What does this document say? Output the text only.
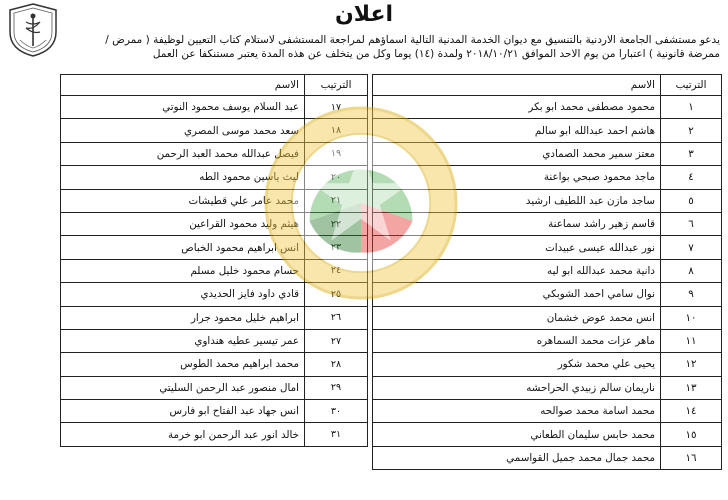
اعلان
يدعو مستشفى الجامعة الاردنية بالتنسيق مع ديوان الخدمة المدنية التالية اسماؤهم لمراجعة المستشفى لاستلام كتاب التعيين لوظيفة ( ممرض / ممرضة قانونية ) اعتبارا من يوم الاحد الموافق ٢٠١٨/١٠/٢١ ولمدة (١٤) يوما وكل من يتخلف عن هذه المدة يعتبر مستنكفا عن العمل
الترتيب	الاسم
١	محمود مصطفى محمد ابو بكر
٢	هاشم احمد عبدالله ابو سالم
٣	معتز سمير محمد الصمادي
٤	ماجد محمود صبحي بواعنة
٥	ساجد مازن عبد اللطيف ارشيد
٦	قاسم زهير راشد سماعنة
٧	نور عبدالله عيسى عبيدات
٨	دانية محمد عبدالله ابو ليه
٩	نوال سامي احمد الشوبكي
١٠	انس محمد عوض خشمان
١١	ماهر عزات محمد السماهره
١٢	يحيى علي محمد شكور
١٣	ناريمان سالم زبيدي الحراحشه
١٤	محمد اسامة محمد صوالحه
١٥	محمد حابس سليمان الطعاني
١٦	محمد جمال محمد جميل القواسمي
الترتيب	الاسم
١٧	عبد السلام يوسف محمود النوتي
١٨	سعد محمد موسى المصري
١٩	فيصل عبدالله محمد العبد الرحمن
٢٠	ليث ياسين محمود الطه
٢١	محمد عامر علي قطيشات
٢٢	هيثم وليد محمود القراعين
٢٣	انس ابراهيم محمود الخباص
٢٤	حسام محمود خليل مسلم
٢٥	قادي داود فايز الحديدي
٢٦	ابراهيم خليل محمود جرار
٢٧	عمر تيسير عطيه هنداوي
٢٨	محمد ابراهيم محمد الطوس
٢٩	امال منصور عبد الرحمن السليتي
٣٠	انس جهاد عبد الفتاح ابو فارس
٣١	خالد انور عبد الرحمن ابو خرمة
